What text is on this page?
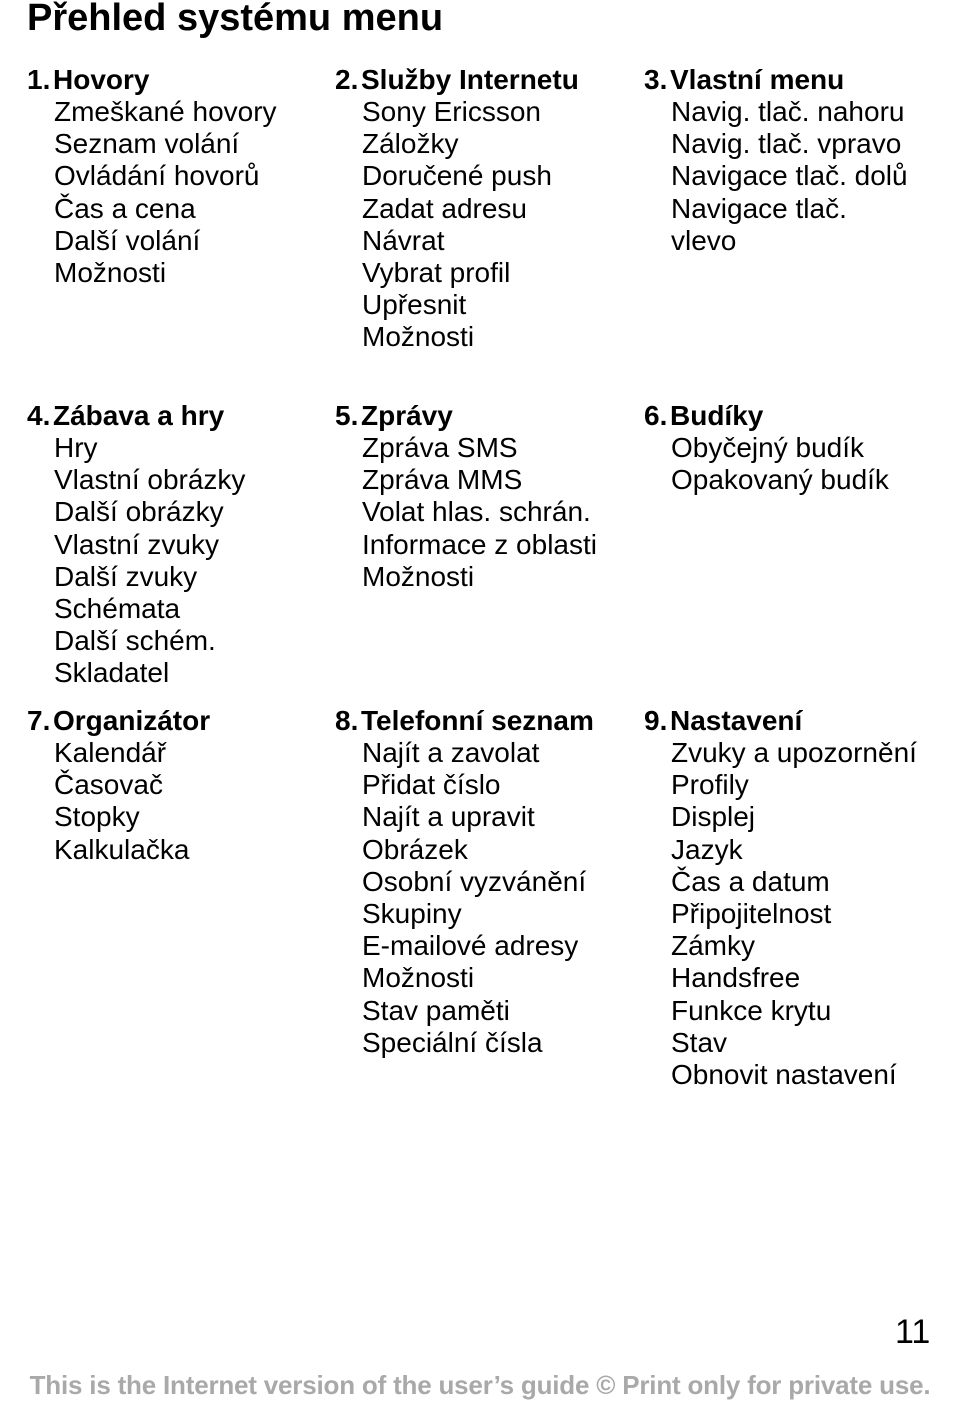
Přehled systému menu
1. Hovory
Zmeškané hovory
Seznam volání
Ovládání hovorů
Čas a cena
Další volání
Možnosti
2. Služby Internetu
Sony Ericsson
Záložky
Doručené push
Zadat adresu
Návrat
Vybrat profil
Upřesnit
Možnosti
3. Vlastní menu
Navig. tlač. nahoru
Navig. tlač. vpravo
Navigace tlač. dolů
Navigace tlač.
vlevo
4. Zábava a hry
Hry
Vlastní obrázky
Další obrázky
Vlastní zvuky
Další zvuky
Schémata
Další schém.
Skladatel
5. Zprávy
Zpráva SMS
Zpráva MMS
Volat hlas. schrán.
Informace z oblasti
Možnosti
6. Budíky
Obyčejný budík
Opakovaný budík
7. Organizátor
Kalendář
Časovač
Stopky
Kalkulačka
8. Telefonní seznam
Najít a zavolat
Přidat číslo
Najít a upravit
Obrázek
Osobní vyzvánění
Skupiny
E-mailové adresy
Možnosti
Stav paměti
Speciální čísla
9. Nastavení
Zvuky a upozornění
Profily
Displej
Jazyk
Čas a datum
Připojitelnost
Zámky
Handsfree
Funkce krytu
Stav
Obnovit nastavení
11
This is the Internet version of the user’s guide © Print only for private use.
